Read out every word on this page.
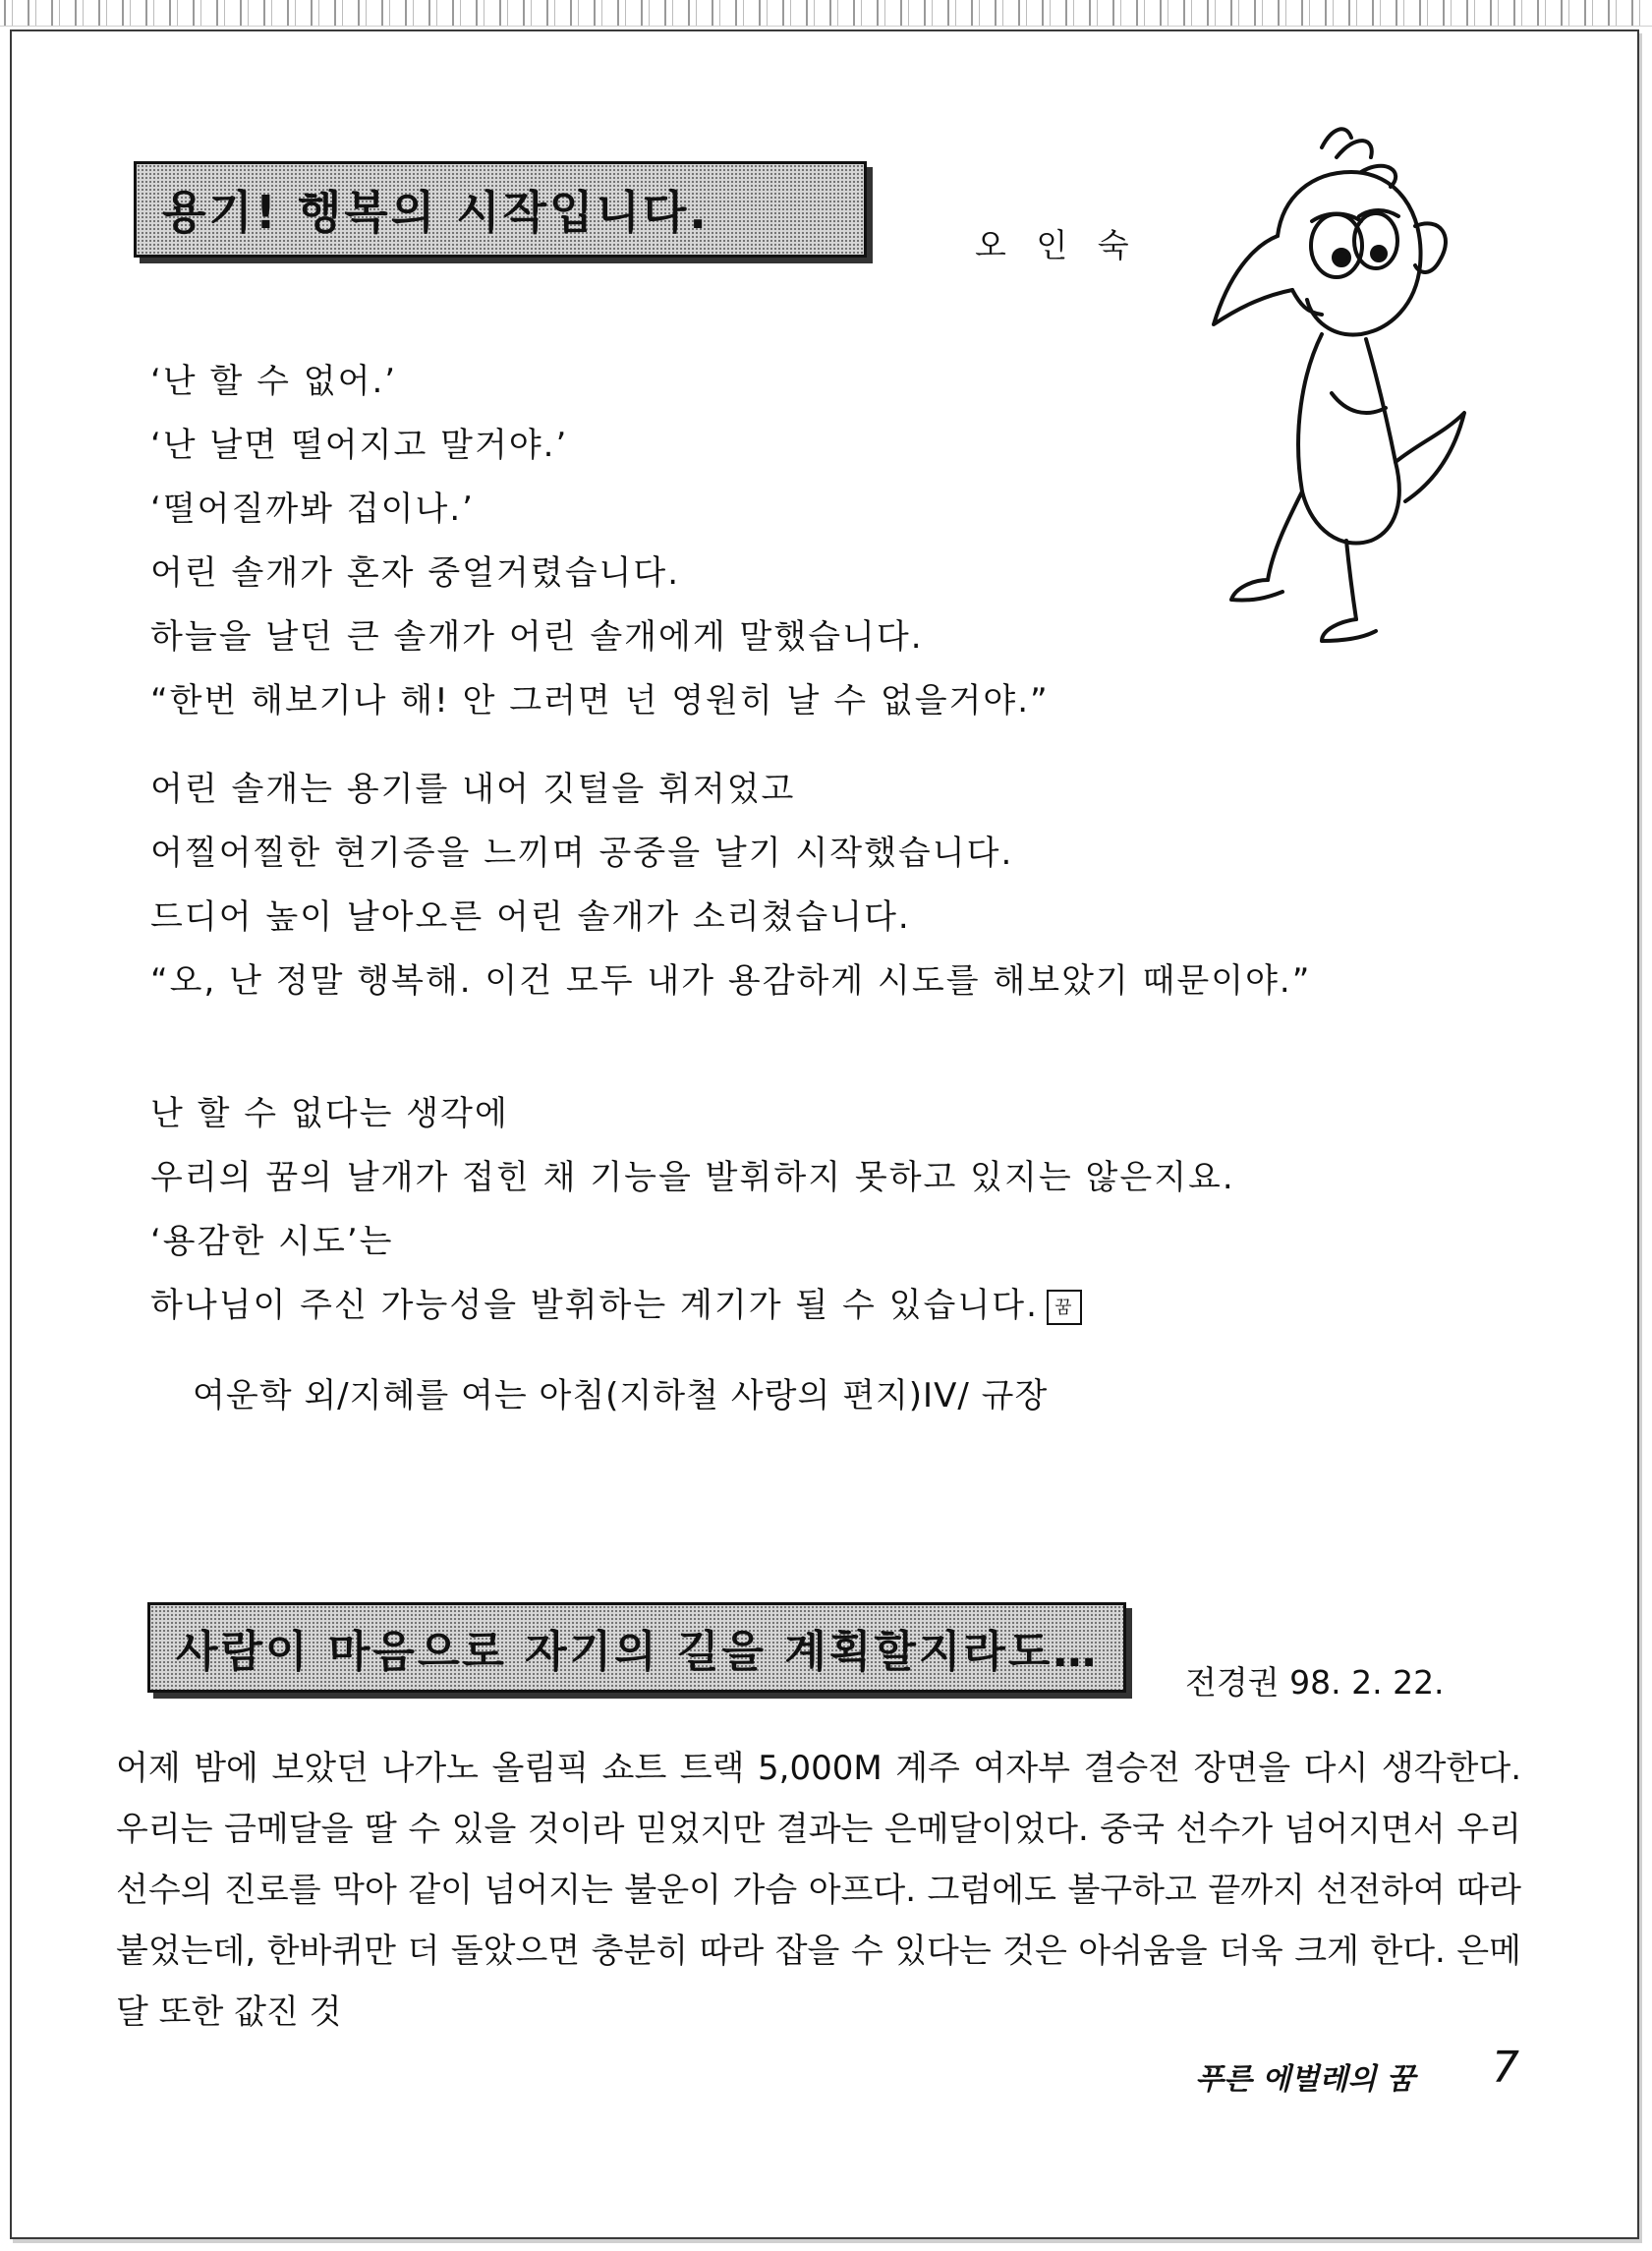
용기! 행복의 시작입니다.
오 인 숙
‘난 할 수 없어.’
‘난 날면 떨어지고 말거야.’
‘떨어질까봐 겁이나.’
어린 솔개가 혼자 중얼거렸습니다.
하늘을 날던 큰 솔개가 어린 솔개에게 말했습니다.
“한번 해보기나 해! 안 그러면 넌 영원히 날 수 없을거야.”
어린 솔개는 용기를 내어 깃털을 휘저었고
어찔어찔한 현기증을 느끼며 공중을 날기 시작했습니다.
드디어 높이 날아오른 어린 솔개가 소리쳤습니다.
“오, 난 정말 행복해. 이건 모두 내가 용감하게 시도를 해보았기 때문이야.”
난 할 수 없다는 생각에
우리의 꿈의 날개가 접힌 채 기능을 발휘하지 못하고 있지는 않은지요.
‘용감한 시도’는
하나님이 주신 가능성을 발휘하는 계기가 될 수 있습니다. 꿈
여운학 외/지혜를 여는 아침(지하철 사랑의 편지)IV/ 규장
사람이 마음으로 자기의 길을 계획할지라도…
전경권 98. 2. 22.
어제 밤에 보았던 나가노 올림픽 쇼트 트랙 5,000M 계주 여자부 결승전 장면을 다시 생각한다. 우리는 금메달을 딸 수 있을 것이라 믿었지만 결과는 은메달이었다. 중국 선수가 넘어지면서 우리 선수의 진로를 막아 같이 넘어지는 불운이 가슴 아프다. 그럼에도 불구하고 끝까지 선전하여 따라 붙었는데, 한바퀴만 더 돌았으면 충분히 따라 잡을 수 있다는 것은 아쉬움을 더욱 크게 한다. 은메달 또한 값진 것
푸른 에벌레의 꿈 7
